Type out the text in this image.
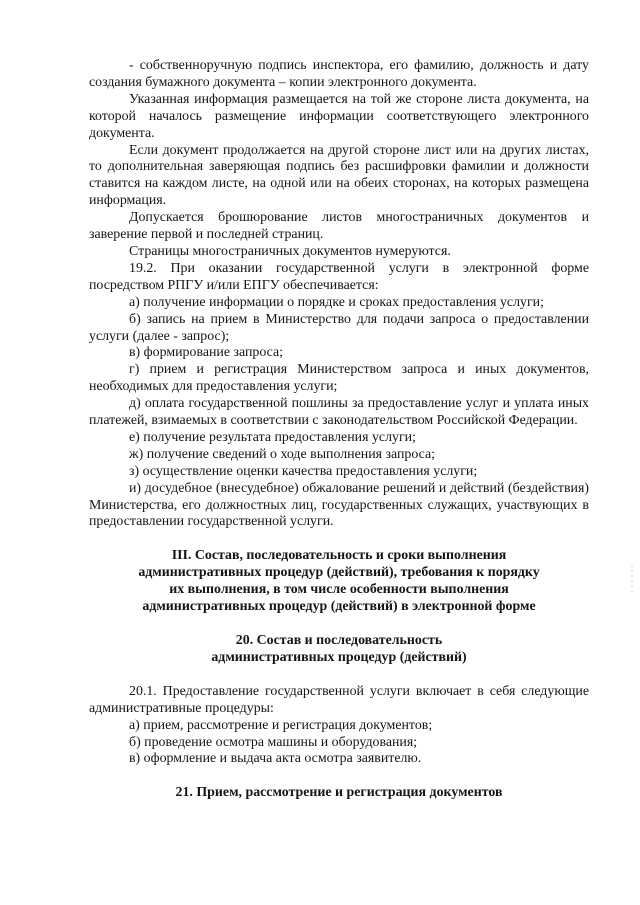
- собственноручную подпись инспектора, его фамилию, должность и дату создания бумажного документа – копии электронного документа.

Указанная информация размещается на той же стороне листа документа, на которой началось размещение информации соответствующего электронного документа.

Если документ продолжается на другой стороне лист или на других листах, то дополнительная заверяющая подпись без расшифровки фамилии и должности ставится на каждом листе, на одной или на обеих сторонах, на которых размещена информация.

Допускается брошюрование листов многостраничных документов и заверение первой и последней страниц.

Страницы многостраничных документов нумеруются.

19.2. При оказании государственной услуги в электронной форме посредством РПГУ и/или ЕПГУ обеспечивается:

а) получение информации о порядке и сроках предоставления услуги;

б) запись на прием в Министерство для подачи запроса о предоставлении услуги (далее - запрос);

в) формирование запроса;

г) прием и регистрация Министерством запроса и иных документов, необходимых для предоставления услуги;

д) оплата государственной пошлины за предоставление услуг и уплата иных платежей, взимаемых в соответствии с законодательством Российской Федерации.

е) получение результата предоставления услуги;

ж) получение сведений о ходе выполнения запроса;

з) осуществление оценки качества предоставления услуги;

и) досудебное (внесудебное) обжалование решений и действий (бездействия) Министерства, его должностных лиц, государственных служащих, участвующих в предоставлении государственной услуги.

III. Состав, последовательность и сроки выполнения
административных процедур (действий), требования к порядку
их выполнения, в том числе особенности выполнения
административных процедур (действий) в электронной форме
20. Состав и последовательность
административных процедур (действий)

20.1. Предоставление государственной услуги включает в себя следующие административные процедуры:

а) прием, рассмотрение и регистрация документов;

б) проведение осмотра машины и оборудования;

в) оформление и выдача акта осмотра заявителю.

21. Прием, рассмотрение и регистрация документов
